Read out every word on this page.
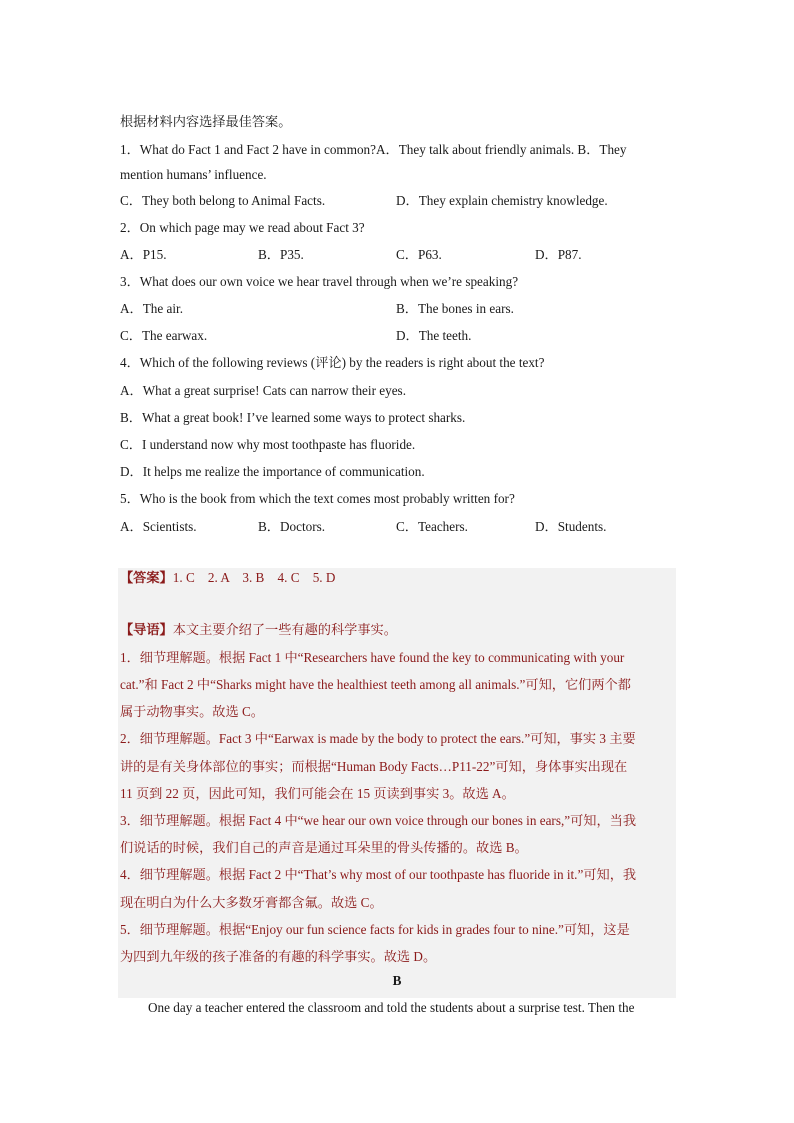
根据材料内容选择最佳答案。
1．What do Fact 1 and Fact 2 have in common?A．They talk about friendly animals. B．They
mention humans’ influence.
C．They both belong to Animal Facts.	D．They explain chemistry knowledge.
2．On which page may we read about Fact 3?
A．P15.	B．P35.	C．P63.	D．P87.
3．What does our own voice we hear travel through when we’re speaking?
A．The air.	B．The bones in ears.
C．The earwax.	D．The teeth.
4．Which of the following reviews (评论) by the readers is right about the text?
A．What a great surprise! Cats can narrow their eyes.
B．What a great book! I’ve learned some ways to protect sharks.
C．I understand now why most toothpaste has fluoride.
D．It helps me realize the importance of communication.
5．Who is the book from which the text comes most probably written for?
A．Scientists.	B．Doctors.	C．Teachers.	D．Students.
【答案】1. C　2. A　3. B　4. C　5. D
【导语】本文主要介绍了一些有趣的科学事实。
1．细节理解题。根据 Fact 1 中“Researchers have found the key to communicating with your
cat.”和 Fact 2 中“Sharks might have the healthiest teeth among all animals.”可知，它们两个都
属于动物事实。故选 C。
2．细节理解题。Fact 3 中“Earwax is made by the body to protect the ears.”可知，事实 3 主要
讲的是有关身体部位的事实；而根据“Human Body Facts…P11-22”可知，身体事实出现在
11 页到 22 页，因此可知，我们可能会在 15 页读到事实 3。故选 A。
3．细节理解题。根据 Fact 4 中“we hear our own voice through our bones in ears,”可知，当我
们说话的时候，我们自己的声音是通过耳朵里的骨头传播的。故选 B。
4．细节理解题。根据 Fact 2 中“That’s why most of our toothpaste has fluoride in it.”可知，我
现在明白为什么大多数牙膏都含氟。故选 C。
5．细节理解题。根据“Enjoy our fun science facts for kids in grades four to nine.”可知，这是
为四到九年级的孩子准备的有趣的科学事实。故选 D。
B
One day a teacher entered the classroom and told the students about a surprise test. Then the
